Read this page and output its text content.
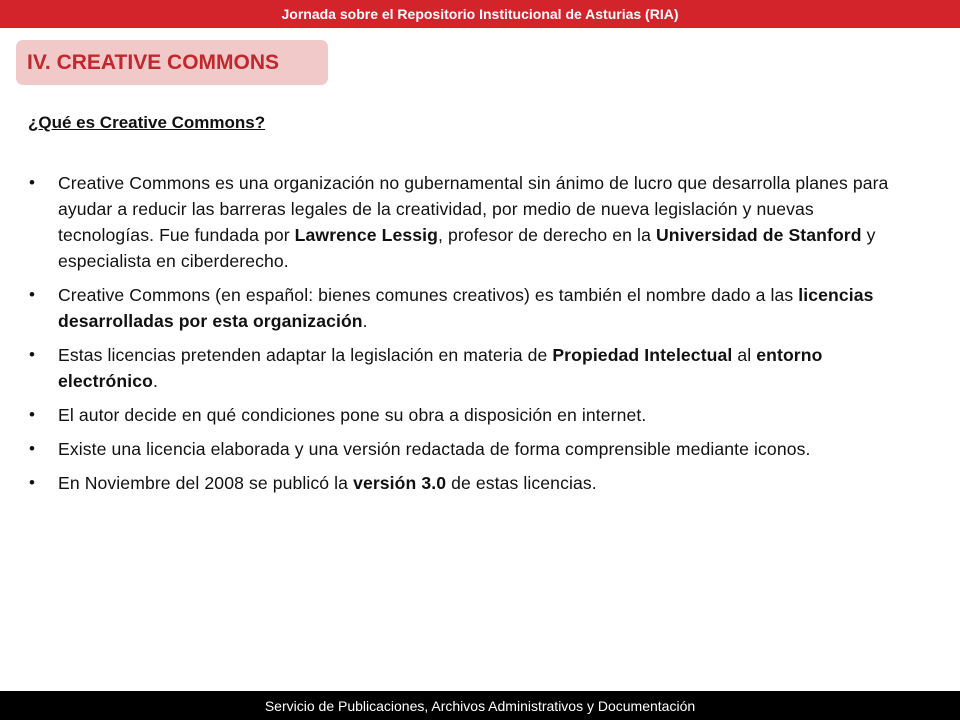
Jornada sobre el Repositorio Institucional de Asturias (RIA)
IV. CREATIVE COMMONS
¿Qué es Creative Commons?
• Creative Commons es una organización no gubernamental sin ánimo de lucro que desarrolla planes para ayudar a reducir las barreras legales de la creatividad, por medio de nueva legislación y nuevas tecnologías. Fue fundada por Lawrence Lessig, profesor de derecho en la Universidad de Stanford y especialista en ciberderecho.
• Creative Commons (en español: bienes comunes creativos) es también el nombre dado a las licencias desarrolladas por esta organización.
• Estas licencias pretenden adaptar la legislación en materia de Propiedad Intelectual al entorno electrónico.
• El autor decide en qué condiciones pone su obra a disposición en internet.
• Existe una licencia elaborada y una versión redactada de forma comprensible mediante iconos.
• En Noviembre del 2008 se publicó la versión 3.0 de estas licencias.
Servicio de Publicaciones, Archivos Administrativos y Documentación
